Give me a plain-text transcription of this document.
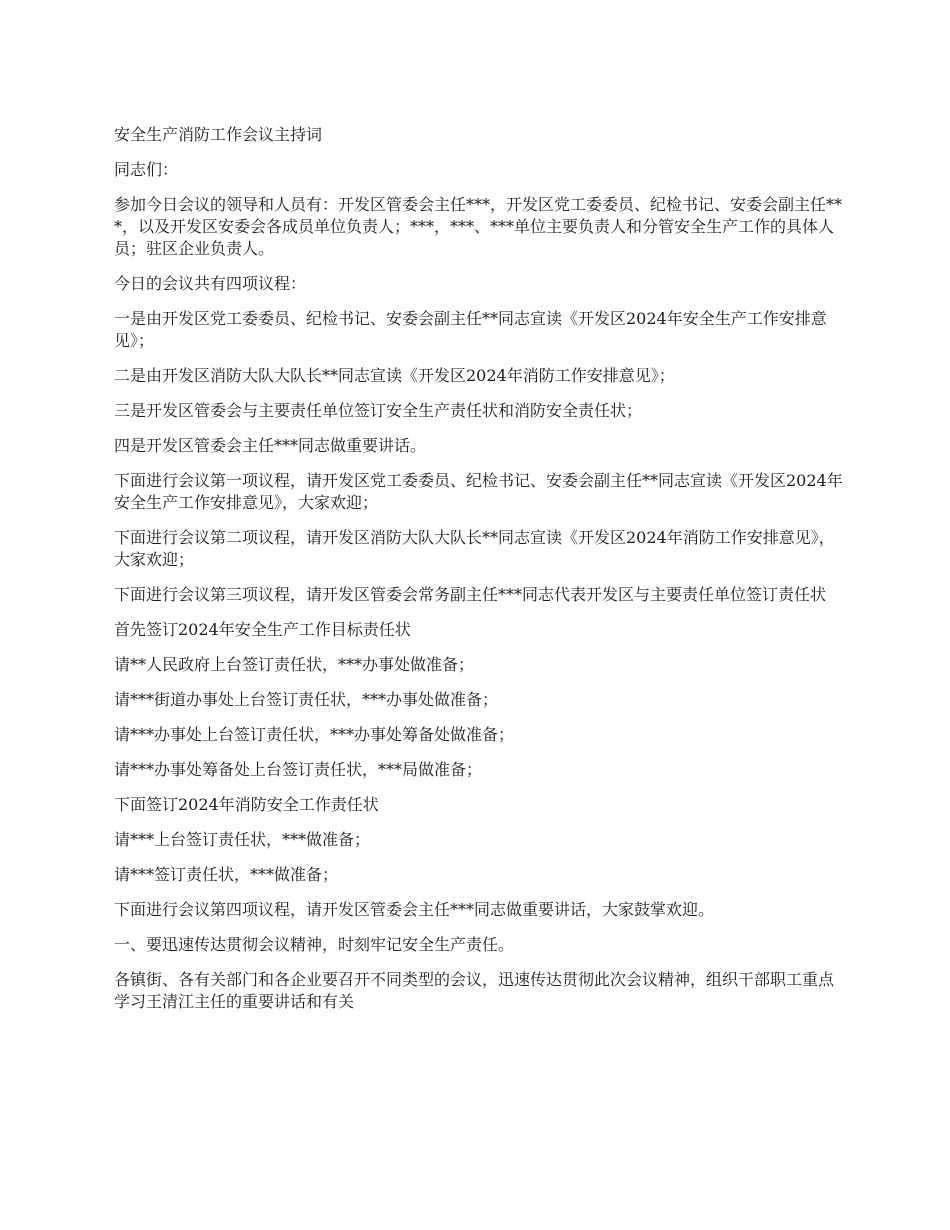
安全生产消防工作会议主持词

同志们：

参加今日会议的领导和人员有：开发区管委会主任***，开发区党工委委员、纪检书记、安委会副主任***，以及开发区安委会各成员单位负责人；***，***、***单位主要负责人和分管安全生产工作的具体人员；驻区企业负责人。

今日的会议共有四项议程：

一是由开发区党工委委员、纪检书记、安委会副主任**同志宣读《开发区2024年安全生产工作安排意见》；

二是由开发区消防大队大队长**同志宣读《开发区2024年消防工作安排意见》；

三是开发区管委会与主要责任单位签订安全生产责任状和消防安全责任状；

四是开发区管委会主任***同志做重要讲话。

下面进行会议第一项议程，请开发区党工委委员、纪检书记、安委会副主任**同志宣读《开发区2024年安全生产工作安排意见》，大家欢迎；

下面进行会议第二项议程，请开发区消防大队大队长**同志宣读《开发区2024年消防工作安排意见》，大家欢迎；

下面进行会议第三项议程，请开发区管委会常务副主任***同志代表开发区与主要责任单位签订责任状

首先签订2024年安全生产工作目标责任状

请**人民政府上台签订责任状，***办事处做准备；

请***街道办事处上台签订责任状，***办事处做准备；

请***办事处上台签订责任状，***办事处筹备处做准备；

请***办事处筹备处上台签订责任状，***局做准备；

下面签订2024年消防安全工作责任状

请***上台签订责任状，***做准备；

请***签订责任状，***做准备；

下面进行会议第四项议程，请开发区管委会主任***同志做重要讲话，大家鼓掌欢迎。

一、要迅速传达贯彻会议精神，时刻牢记安全生产责任。

各镇街、各有关部门和各企业要召开不同类型的会议，迅速传达贯彻此次会议精神，组织干部职工重点学习王清江主任的重要讲话和有关
